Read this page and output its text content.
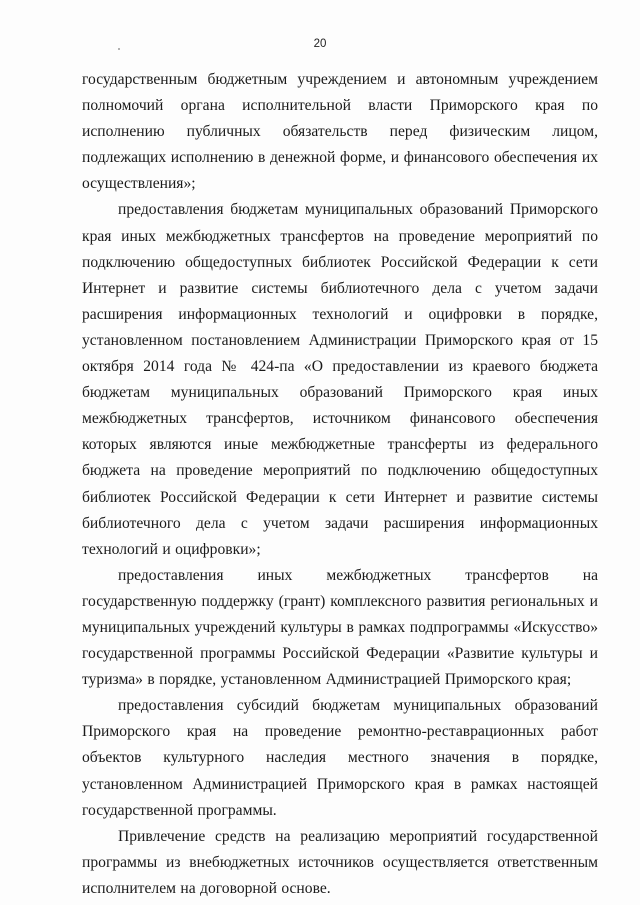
20

государственным бюджетным учреждением и автономным учреждением полномочий органа исполнительной власти Приморского края по исполнению публичных обязательств перед физическим лицом, подлежащих исполнению в денежной форме, и финансового обеспечения их осуществления»;

предоставления бюджетам муниципальных образований Приморского края иных межбюджетных трансфертов на проведение мероприятий по подключению общедоступных библиотек Российской Федерации к сети Интернет и развитие системы библиотечного дела с учетом задачи расширения информационных технологий и оцифровки в порядке, установленном постановлением Администрации Приморского края от 15 октября 2014 года № 424-па «О предоставлении из краевого бюджета бюджетам муниципальных образований Приморского края иных межбюджетных трансфертов, источником финансового обеспечения которых являются иные межбюджетные трансферты из федерального бюджета на проведение мероприятий по подключению общедоступных библиотек Российской Федерации к сети Интернет и развитие системы библиотечного дела с учетом задачи расширения информационных технологий и оцифровки»;

предоставления иных межбюджетных трансфертов на государственную поддержку (грант) комплексного развития региональных и муниципальных учреждений культуры в рамках подпрограммы «Искусство» государственной программы Российской Федерации «Развитие культуры и туризма» в порядке, установленном Администрацией Приморского края;

предоставления субсидий бюджетам муниципальных образований Приморского края на проведение ремонтно-реставрационных работ объектов культурного наследия местного значения в порядке, установленном Администрацией Приморского края в рамках настоящей государственной программы.

Привлечение средств на реализацию мероприятий государственной программы из внебюджетных источников осуществляется ответственным исполнителем на договорной основе.
